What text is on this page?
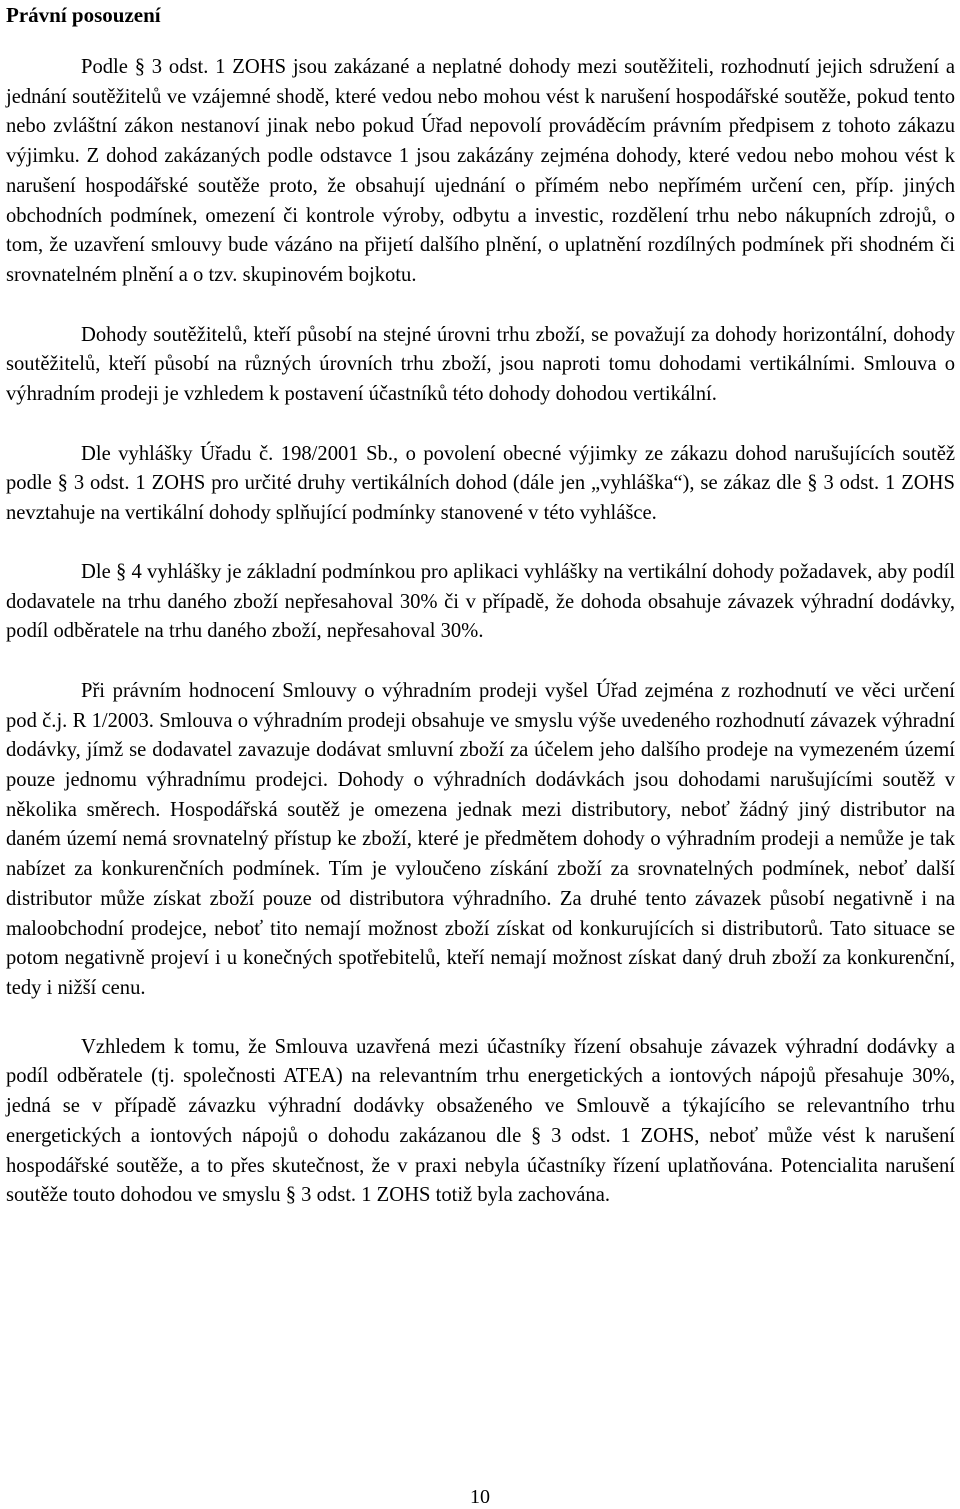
Právní posouzení

Podle § 3 odst. 1 ZOHS jsou zakázané a neplatné dohody mezi soutěžiteli, rozhodnutí jejich sdružení a jednání soutěžitelů ve vzájemné shodě, které vedou nebo mohou vést k narušení hospodářské soutěže, pokud tento nebo zvláštní zákon nestanoví jinak nebo pokud Úřad nepovolí prováděcím právním předpisem z tohoto zákazu výjimku. Z dohod zakázaných podle odstavce 1 jsou zakázány zejména dohody, které vedou nebo mohou vést k narušení hospodářské soutěže proto, že obsahují ujednání o přímém nebo nepřímém určení cen, příp. jiných obchodních podmínek, omezení či kontrole výroby, odbytu a investic, rozdělení trhu nebo nákupních zdrojů, o tom, že uzavření smlouvy bude vázáno na přijetí dalšího plnění, o uplatnění rozdílných podmínek při shodném či srovnatelném plnění a o tzv. skupinovém bojkotu.

Dohody soutěžitelů, kteří působí na stejné úrovni trhu zboží, se považují za dohody horizontální, dohody soutěžitelů, kteří působí na různých úrovních trhu zboží, jsou naproti tomu dohodami vertikálními. Smlouva o výhradním prodeji je vzhledem k postavení účastníků této dohody dohodou vertikální.

Dle vyhlášky Úřadu č. 198/2001 Sb., o povolení obecné výjimky ze zákazu dohod narušujících soutěž podle § 3 odst. 1 ZOHS pro určité druhy vertikálních dohod (dále jen „vyhláška“), se zákaz dle § 3 odst. 1 ZOHS nevztahuje na vertikální dohody splňující podmínky stanovené v této vyhlášce.

Dle § 4 vyhlášky je základní podmínkou pro aplikaci vyhlášky na vertikální dohody požadavek, aby podíl dodavatele na trhu daného zboží nepřesahoval 30% či v případě, že dohoda obsahuje závazek výhradní dodávky, podíl odběratele na trhu daného zboží, nepřesahoval 30%.

Při právním hodnocení Smlouvy o výhradním prodeji vyšel Úřad zejména z rozhodnutí ve věci určení pod č.j. R 1/2003. Smlouva o výhradním prodeji obsahuje ve smyslu výše uvedeného rozhodnutí závazek výhradní dodávky, jímž se dodavatel zavazuje dodávat smluvní zboží za účelem jeho dalšího prodeje na vymezeném území pouze jednomu výhradnímu prodejci. Dohody o výhradních dodávkách jsou dohodami narušujícími soutěž v několika směrech. Hospodářská soutěž je omezena jednak mezi distributory, neboť žádný jiný distributor na daném území nemá srovnatelný přístup ke zboží, které je předmětem dohody o výhradním prodeji a nemůže je tak nabízet za konkurenčních podmínek. Tím je vyloučeno získání zboží za srovnatelných podmínek, neboť další distributor může získat zboží pouze od distributora výhradního. Za druhé tento závazek působí negativně i na maloobchodní prodejce, neboť tito nemají možnost zboží získat od konkurujících si distributorů. Tato situace se potom negativně projeví i u konečných spotřebitelů, kteří nemají možnost získat daný druh zboží za konkurenční, tedy i nižší cenu.

Vzhledem k tomu, že Smlouva uzavřená mezi účastníky řízení obsahuje závazek výhradní dodávky a podíl odběratele (tj. společnosti ATEA) na relevantním trhu energetických a iontových nápojů přesahuje 30%, jedná se v případě závazku výhradní dodávky obsaženého ve Smlouvě a týkajícího se relevantního trhu energetických a iontových nápojů o dohodu zakázanou dle § 3 odst. 1 ZOHS, neboť může vést k narušení hospodářské soutěže, a to přes skutečnost, že v praxi nebyla účastníky řízení uplatňována. Potencialita narušení soutěže touto dohodou ve smyslu § 3 odst. 1 ZOHS totiž byla zachována.

10
